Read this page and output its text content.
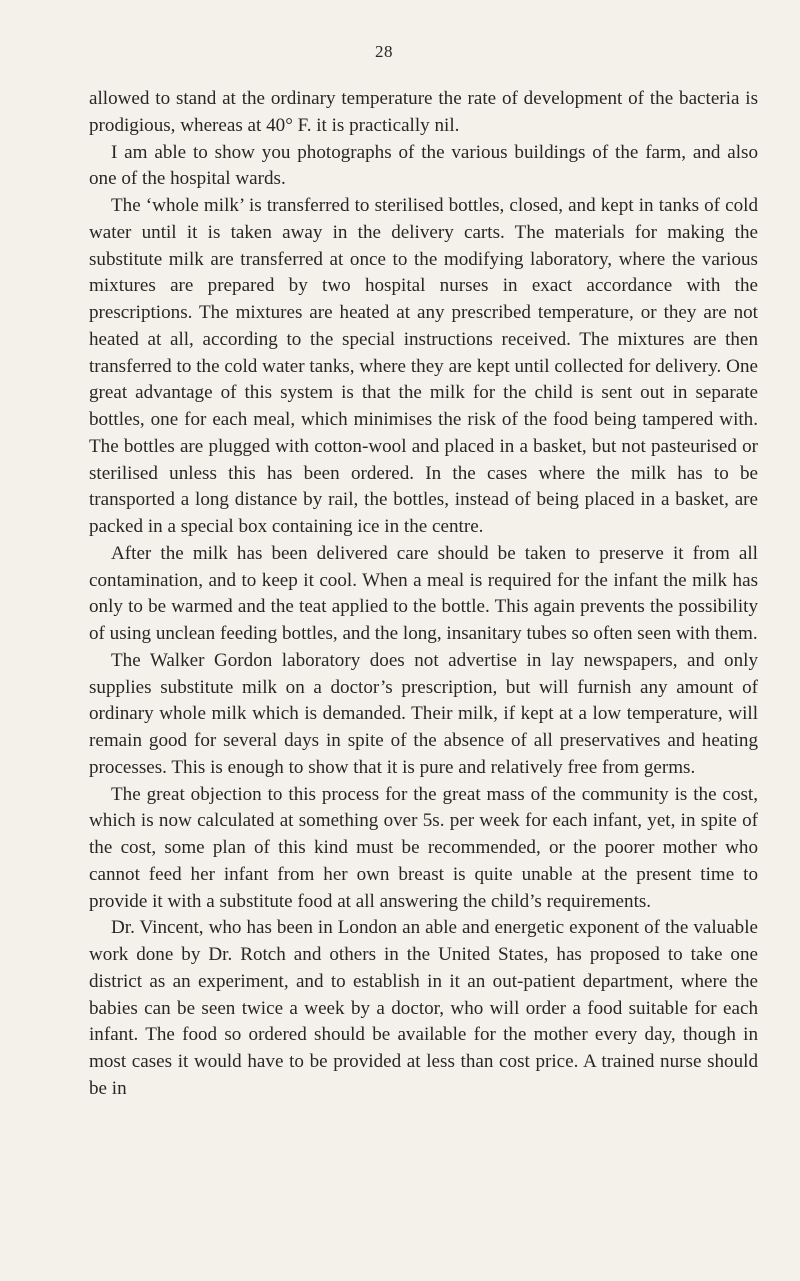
28

allowed to stand at the ordinary temperature the rate of development of the bacteria is prodigious, whereas at 40° F. it is practically nil.

I am able to show you photographs of the various buildings of the farm, and also one of the hospital wards.

The ‘whole milk’ is transferred to sterilised bottles, closed, and kept in tanks of cold water until it is taken away in the delivery carts. The materials for making the substitute milk are transferred at once to the modifying laboratory, where the various mixtures are prepared by two hospital nurses in exact accordance with the prescriptions. The mixtures are heated at any prescribed temperature, or they are not heated at all, according to the special instructions received. The mixtures are then transferred to the cold water tanks, where they are kept until collected for delivery. One great advantage of this system is that the milk for the child is sent out in separate bottles, one for each meal, which minimises the risk of the food being tampered with. The bottles are plugged with cotton-wool and placed in a basket, but not pasteurised or sterilised unless this has been ordered. In the cases where the milk has to be transported a long distance by rail, the bottles, instead of being placed in a basket, are packed in a special box containing ice in the centre.

After the milk has been delivered care should be taken to preserve it from all contamination, and to keep it cool. When a meal is required for the infant the milk has only to be warmed and the teat applied to the bottle. This again prevents the possibility of using unclean feeding bottles, and the long, insanitary tubes so often seen with them.

The Walker Gordon laboratory does not advertise in lay newspapers, and only supplies substitute milk on a doctor’s prescription, but will furnish any amount of ordinary whole milk which is demanded. Their milk, if kept at a low temperature, will remain good for several days in spite of the absence of all preservatives and heating processes. This is enough to show that it is pure and relatively free from germs.

The great objection to this process for the great mass of the community is the cost, which is now calculated at something over 5s. per week for each infant, yet, in spite of the cost, some plan of this kind must be recommended, or the poorer mother who cannot feed her infant from her own breast is quite unable at the present time to provide it with a substitute food at all answering the child’s requirements.

Dr. Vincent, who has been in London an able and energetic exponent of the valuable work done by Dr. Rotch and others in the United States, has proposed to take one district as an experiment, and to establish in it an out-patient department, where the babies can be seen twice a week by a doctor, who will order a food suitable for each infant. The food so ordered should be available for the mother every day, though in most cases it would have to be provided at less than cost price. A trained nurse should be in
